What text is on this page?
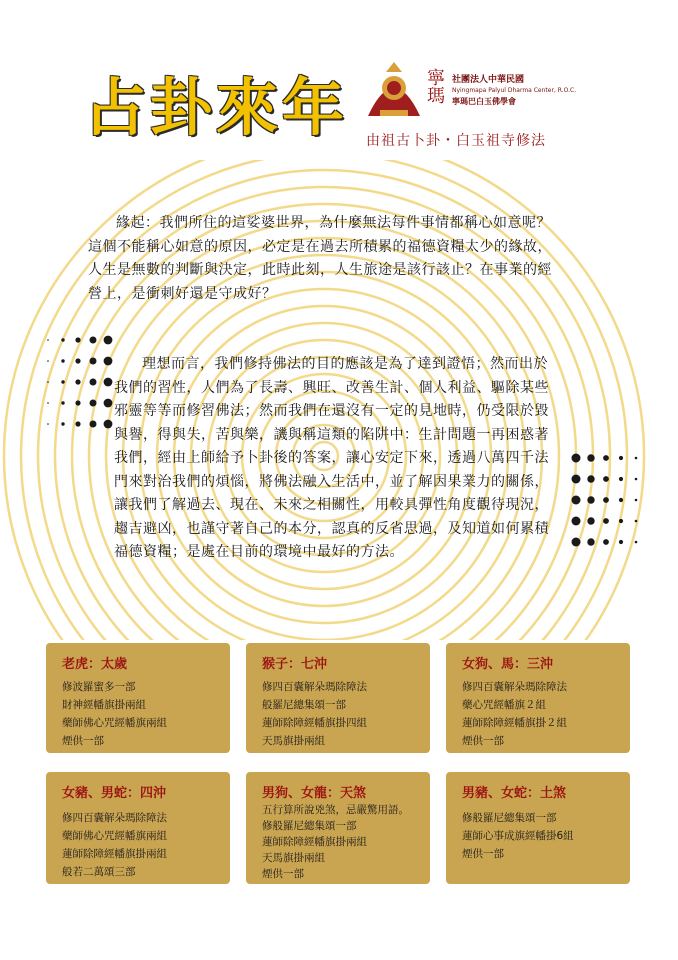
占卦來年	寧瑪 社團法人中華民國
Nyingmapa Palyul Dharma Center, R.O.C.
寧瑪巴白玉佛學會
由祖古卜卦・白玉祖寺修法
緣起：我們所住的這娑婆世界，為什麼無法每件事情都稱心如意呢？
這個不能稱心如意的原因，必定是在過去所積累的福德資糧太少的緣故，
人生是無數的判斷與決定，此時此刻，人生旅途是該行該止？在事業的經
營上，是衝刺好還是守成好？
理想而言，我們修持佛法的目的應該是為了達到證悟；然而出於
我們的習性，人們為了長壽、興旺、改善生計、個人利益、驅除某些
邪靈等等而修習佛法；然而我們在還沒有一定的見地時，仍受限於毀
與譽，得與失，苦與樂，譏與稱這類的陷阱中：生計問題一再困惑著
我們，經由上師給予卜卦後的答案，讓心安定下來，透過八萬四千法
門來對治我們的煩惱，將佛法融入生活中，並了解因果業力的關係，
讓我們了解過去、現在、未來之相關性，用較具彈性角度觀待現況，
趨吉避凶，也謹守著自己的本分，認真的反省思過，及知道如何累積
福德資糧；是處在目前的環境中最好的方法。
老虎：太歲
修波羅蜜多一部
財神經幡旗掛兩組
藥師佛心咒經幡旗兩組
煙供一部
猴子：七沖
修四百囊解朵瑪除障法
般羅尼總集頌一部
蓮師除障經幡旗掛四組
天馬旗掛兩組
女狗、馬：三沖
修四百囊解朵瑪除障法
藥心咒經幡旗２組
蓮師除障經幡旗掛２組
煙供一部
女豬、男蛇：四沖
修四百囊解朵瑪除障法
藥師佛心咒經幡旗兩組
蓮師除障經幡旗掛兩組
般若二萬頌三部
男狗、女龍：天煞
五行算所說兇煞，忌嚴驚用語。
修般羅尼總集頌一部
蓮師除障經幡旗掛兩組
天馬旗掛兩組
煙供一部
男豬、女蛇：土煞
修般羅尼總集頌一部
蓮師心事成旗經幡掛6組
煙供一部
